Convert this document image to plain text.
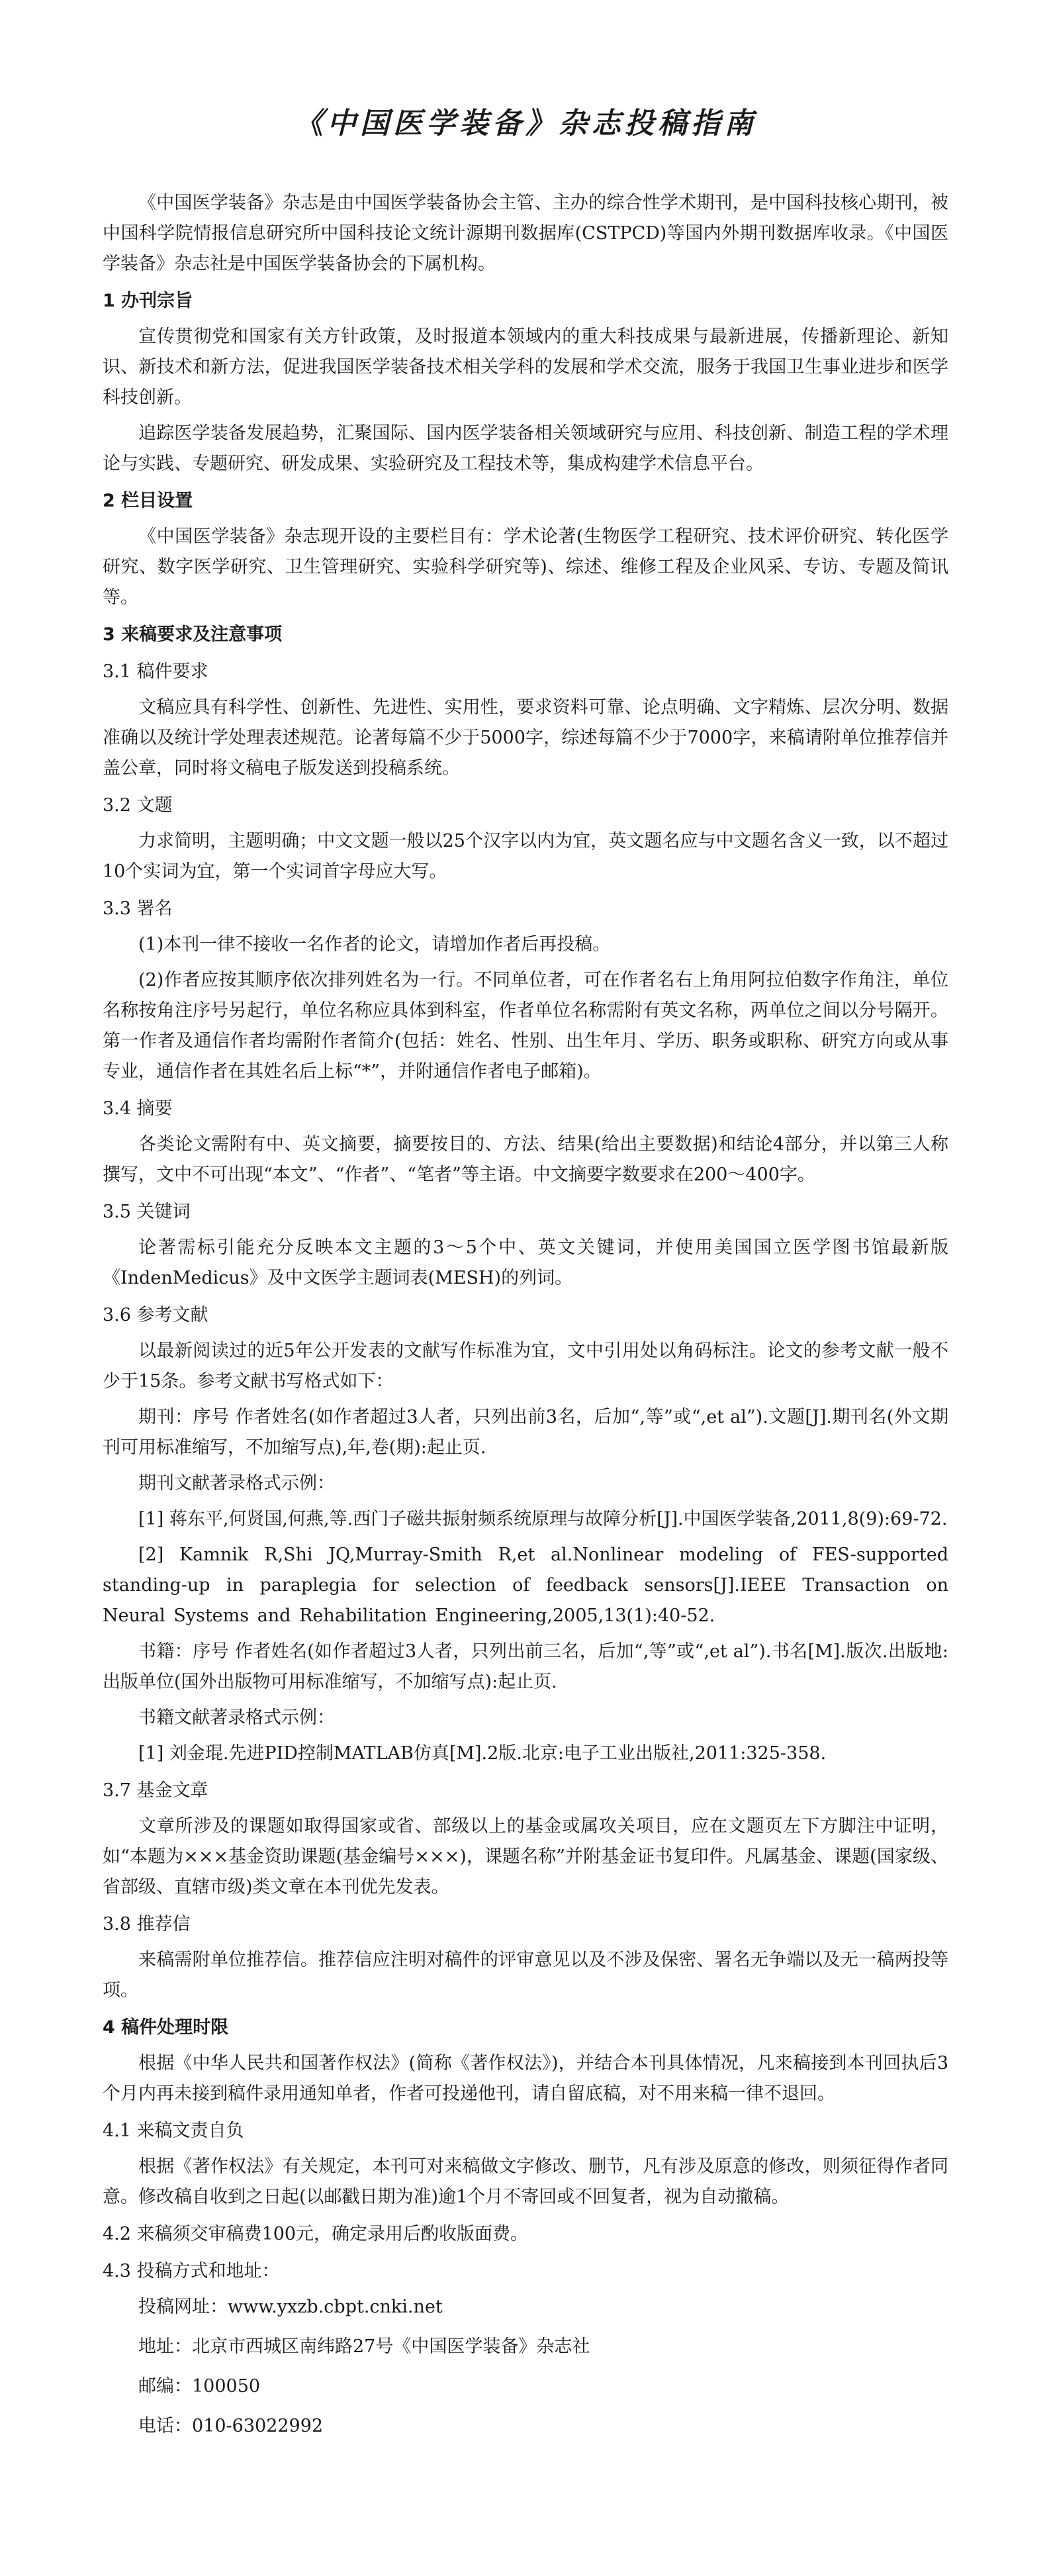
《中国医学装备》杂志投稿指南

《中国医学装备》杂志是由中国医学装备协会主管、主办的综合性学术期刊，是中国科技核心期刊，被中国科学院情报信息研究所中国科技论文统计源期刊数据库(CSTPCD)等国内外期刊数据库收录。《中国医学装备》杂志社是中国医学装备协会的下属机构。

1 办刊宗旨

宣传贯彻党和国家有关方针政策，及时报道本领域内的重大科技成果与最新进展，传播新理论、新知识、新技术和新方法，促进我国医学装备技术相关学科的发展和学术交流，服务于我国卫生事业进步和医学科技创新。

追踪医学装备发展趋势，汇聚国际、国内医学装备相关领域研究与应用、科技创新、制造工程的学术理论与实践、专题研究、研发成果、实验研究及工程技术等，集成构建学术信息平台。

2 栏目设置

《中国医学装备》杂志现开设的主要栏目有：学术论著(生物医学工程研究、技术评价研究、转化医学研究、数字医学研究、卫生管理研究、实验科学研究等)、综述、维修工程及企业风采、专访、专题及简讯等。

3 来稿要求及注意事项
3.1 稿件要求

文稿应具有科学性、创新性、先进性、实用性，要求资料可靠、论点明确、文字精炼、层次分明、数据准确以及统计学处理表述规范。论著每篇不少于5000字，综述每篇不少于7000字，来稿请附单位推荐信并盖公章，同时将文稿电子版发送到投稿系统。

3.2 文题

力求简明，主题明确；中文文题一般以25个汉字以内为宜，英文题名应与中文题名含义一致，以不超过10个实词为宜，第一个实词首字母应大写。

3.3 署名

(1)本刊一律不接收一名作者的论文，请增加作者后再投稿。

(2)作者应按其顺序依次排列姓名为一行。不同单位者，可在作者名右上角用阿拉伯数字作角注，单位名称按角注序号另起行，单位名称应具体到科室，作者单位名称需附有英文名称，两单位之间以分号隔开。第一作者及通信作者均需附作者简介(包括：姓名、性别、出生年月、学历、职务或职称、研究方向或从事专业，通信作者在其姓名后上标“*”，并附通信作者电子邮箱)。

3.4 摘要

各类论文需附有中、英文摘要，摘要按目的、方法、结果(给出主要数据)和结论4部分，并以第三人称撰写，文中不可出现“本文”、“作者”、“笔者”等主语。中文摘要字数要求在200～400字。

3.5 关键词

论著需标引能充分反映本文主题的3～5个中、英文关键词，并使用美国国立医学图书馆最新版《IndenMedicus》及中文医学主题词表(MESH)的列词。

3.6 参考文献

以最新阅读过的近5年公开发表的文献写作标准为宜，文中引用处以角码标注。论文的参考文献一般不少于15条。参考文献书写格式如下：

期刊：序号 作者姓名(如作者超过3人者，只列出前3名，后加“,等”或“,et al”).文题[J].期刊名(外文期刊可用标准缩写，不加缩写点),年,卷(期):起止页.

期刊文献著录格式示例：

[1] 蒋东平,何贤国,何燕,等.西门子磁共振射频系统原理与故障分析[J].中国医学装备,2011,8(9):69-72.

[2] Kamnik R,Shi JQ,Murray-Smith R,et al.Nonlinear modeling of FES-supported standing-up in paraplegia for selection of feedback sensors[J].IEEE Transaction on Neural Systems and Rehabilitation Engineering,2005,13(1):40-52.

书籍：序号 作者姓名(如作者超过3人者，只列出前三名，后加“,等”或“,et al”).书名[M].版次.出版地:出版单位(国外出版物可用标准缩写，不加缩写点):起止页.

书籍文献著录格式示例：

[1] 刘金琨.先进PID控制MATLAB仿真[M].2版.北京:电子工业出版社,2011:325-358.

3.7 基金文章

文章所涉及的课题如取得国家或省、部级以上的基金或属攻关项目，应在文题页左下方脚注中证明，如“本题为×××基金资助课题(基金编号×××)，课题名称”并附基金证书复印件。凡属基金、课题(国家级、省部级、直辖市级)类文章在本刊优先发表。

3.8 推荐信

来稿需附单位推荐信。推荐信应注明对稿件的评审意见以及不涉及保密、署名无争端以及无一稿两投等项。

4 稿件处理时限

根据《中华人民共和国著作权法》(简称《著作权法》)，并结合本刊具体情况，凡来稿接到本刊回执后3个月内再未接到稿件录用通知单者，作者可投递他刊，请自留底稿，对不用来稿一律不退回。

4.1 来稿文责自负

根据《著作权法》有关规定，本刊可对来稿做文字修改、删节，凡有涉及原意的修改，则须征得作者同意。修改稿自收到之日起(以邮戳日期为准)逾1个月不寄回或不回复者，视为自动撤稿。

4.2 来稿须交审稿费100元，确定录用后酌收版面费。
4.3 投稿方式和地址：
投稿网址：www.yxzb.cbpt.cnki.net
地址：北京市西城区南纬路27号《中国医学装备》杂志社
邮编：100050
电话：010-63022992
